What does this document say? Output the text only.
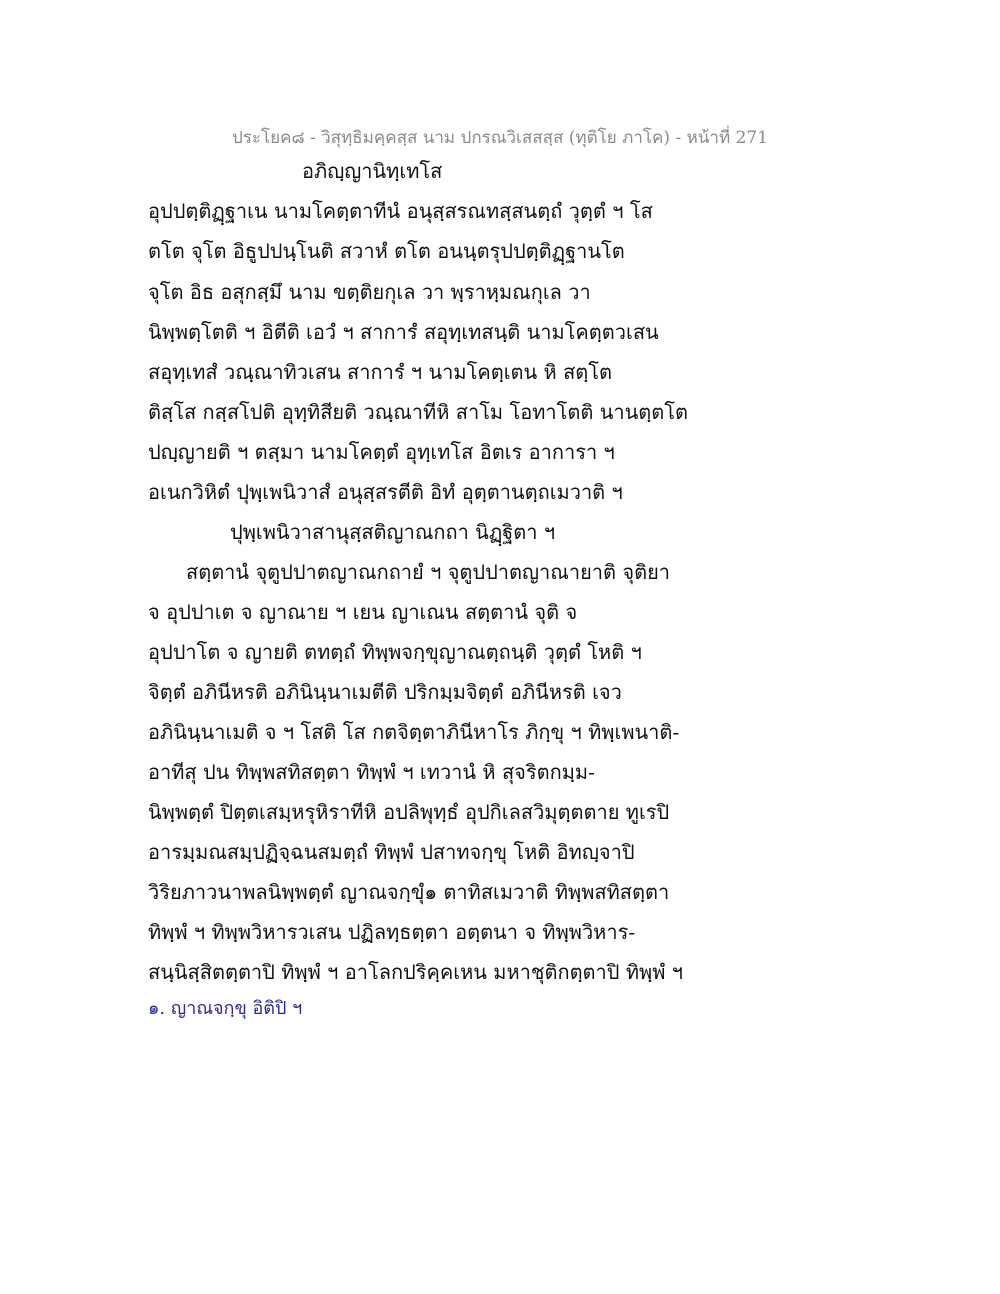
ประโยค๘ - วิสุทฺธิมคฺคสฺส นาม ปกรณวิเสสสฺส (ทุติโย ภาโค) - หน้าที่ 271
อภิญฺญานิทฺเทโส
อุปปตฺติฏฺฐาเน นามโคตฺตาทีนํ อนุสฺสรณทสฺสนตฺถํ วุตฺตํ ฯ โส
ตโต จุโต อิธูปปนฺโนติ สวาหํ ตโต อนนฺตรุปปตฺติฏฺฐานโต
จุโต อิธ อสุกสฺมึ นาม ขตฺติยกุเล วา พฺราหฺมณกุเล วา
นิพฺพตฺโตติ ฯ อิตีติ เอวํ ฯ สาการํ สอุทฺเทสนฺติ นามโคตฺตวเสน
สอุทฺเทสํ วณฺณาทิวเสน สาการํ ฯ นามโคตฺเตน หิ สตฺโต
ติสฺโส กสฺสโปติ อุทฺทิสียติ วณฺณาทีหิ สาโม โอทาโตติ นานตฺตโต
ปญฺญายติ ฯ ตสฺมา นามโคตฺตํ อุทฺเทโส อิตเร อาการา ฯ
อเนกวิหิตํ ปุพฺเพนิวาสํ อนุสฺสรตีติ อิทํ อุตฺตานตฺถเมวาติ ฯ
ปุพฺเพนิวาสานุสฺสติญาณกถา นิฏฺฐิตา ฯ
สตฺตานํ จุตูปปาตญาณกถายํ ฯ จุตูปปาตญาณายาติ จุติยา
จ อุปปาเต จ ญาณาย ฯ เยน ญาเณน สตฺตานํ จุติ จ
อุปปาโต จ ญายติ ตทตฺถํ ทิพฺพจกฺขุญาณตฺถนฺติ วุตฺตํ โหติ ฯ
จิตฺตํ อภินีหรติ อภินินฺนาเมตีติ ปริกมฺมจิตฺตํ อภินีหรติ เจว
อภินินฺนาเมติ จ ฯ โสติ โส กตจิตฺตาภินีหาโร ภิกฺขุ ฯ ทิพฺเพนาติ-
อาทีสุ ปน ทิพฺพสทิสตฺตา ทิพฺพํ ฯ เทวานํ หิ สุจริตกมฺม-
นิพฺพตฺตํ ปิตฺตเสมฺหรุหิราทีหิ อปลิพุทฺธํ อุปกิเลสวิมุตฺตตาย ทูเรปิ
อารมฺมณสมฺปฏิจฺฉนสมตฺถํ ทิพฺพํ ปสาทจกฺขุ โหติ อิทญฺจาปิ
วิริยภาวนาพลนิพฺพตฺตํ ญาณจกฺขุํ๑ ตาทิสเมวาติ ทิพฺพสทิสตฺตา
ทิพฺพํ ฯ ทิพฺพวิหารวเสน ปฏิลทฺธตฺตา อตฺตนา จ ทิพฺพวิหาร-
สนฺนิสฺสิตตฺตาปิ ทิพฺพํ ฯ อาโลกปริคฺคเหน มหาชุติกตฺตาปิ ทิพฺพํ ฯ
๑. ญาณจกฺขุ อิติปิ ฯ
